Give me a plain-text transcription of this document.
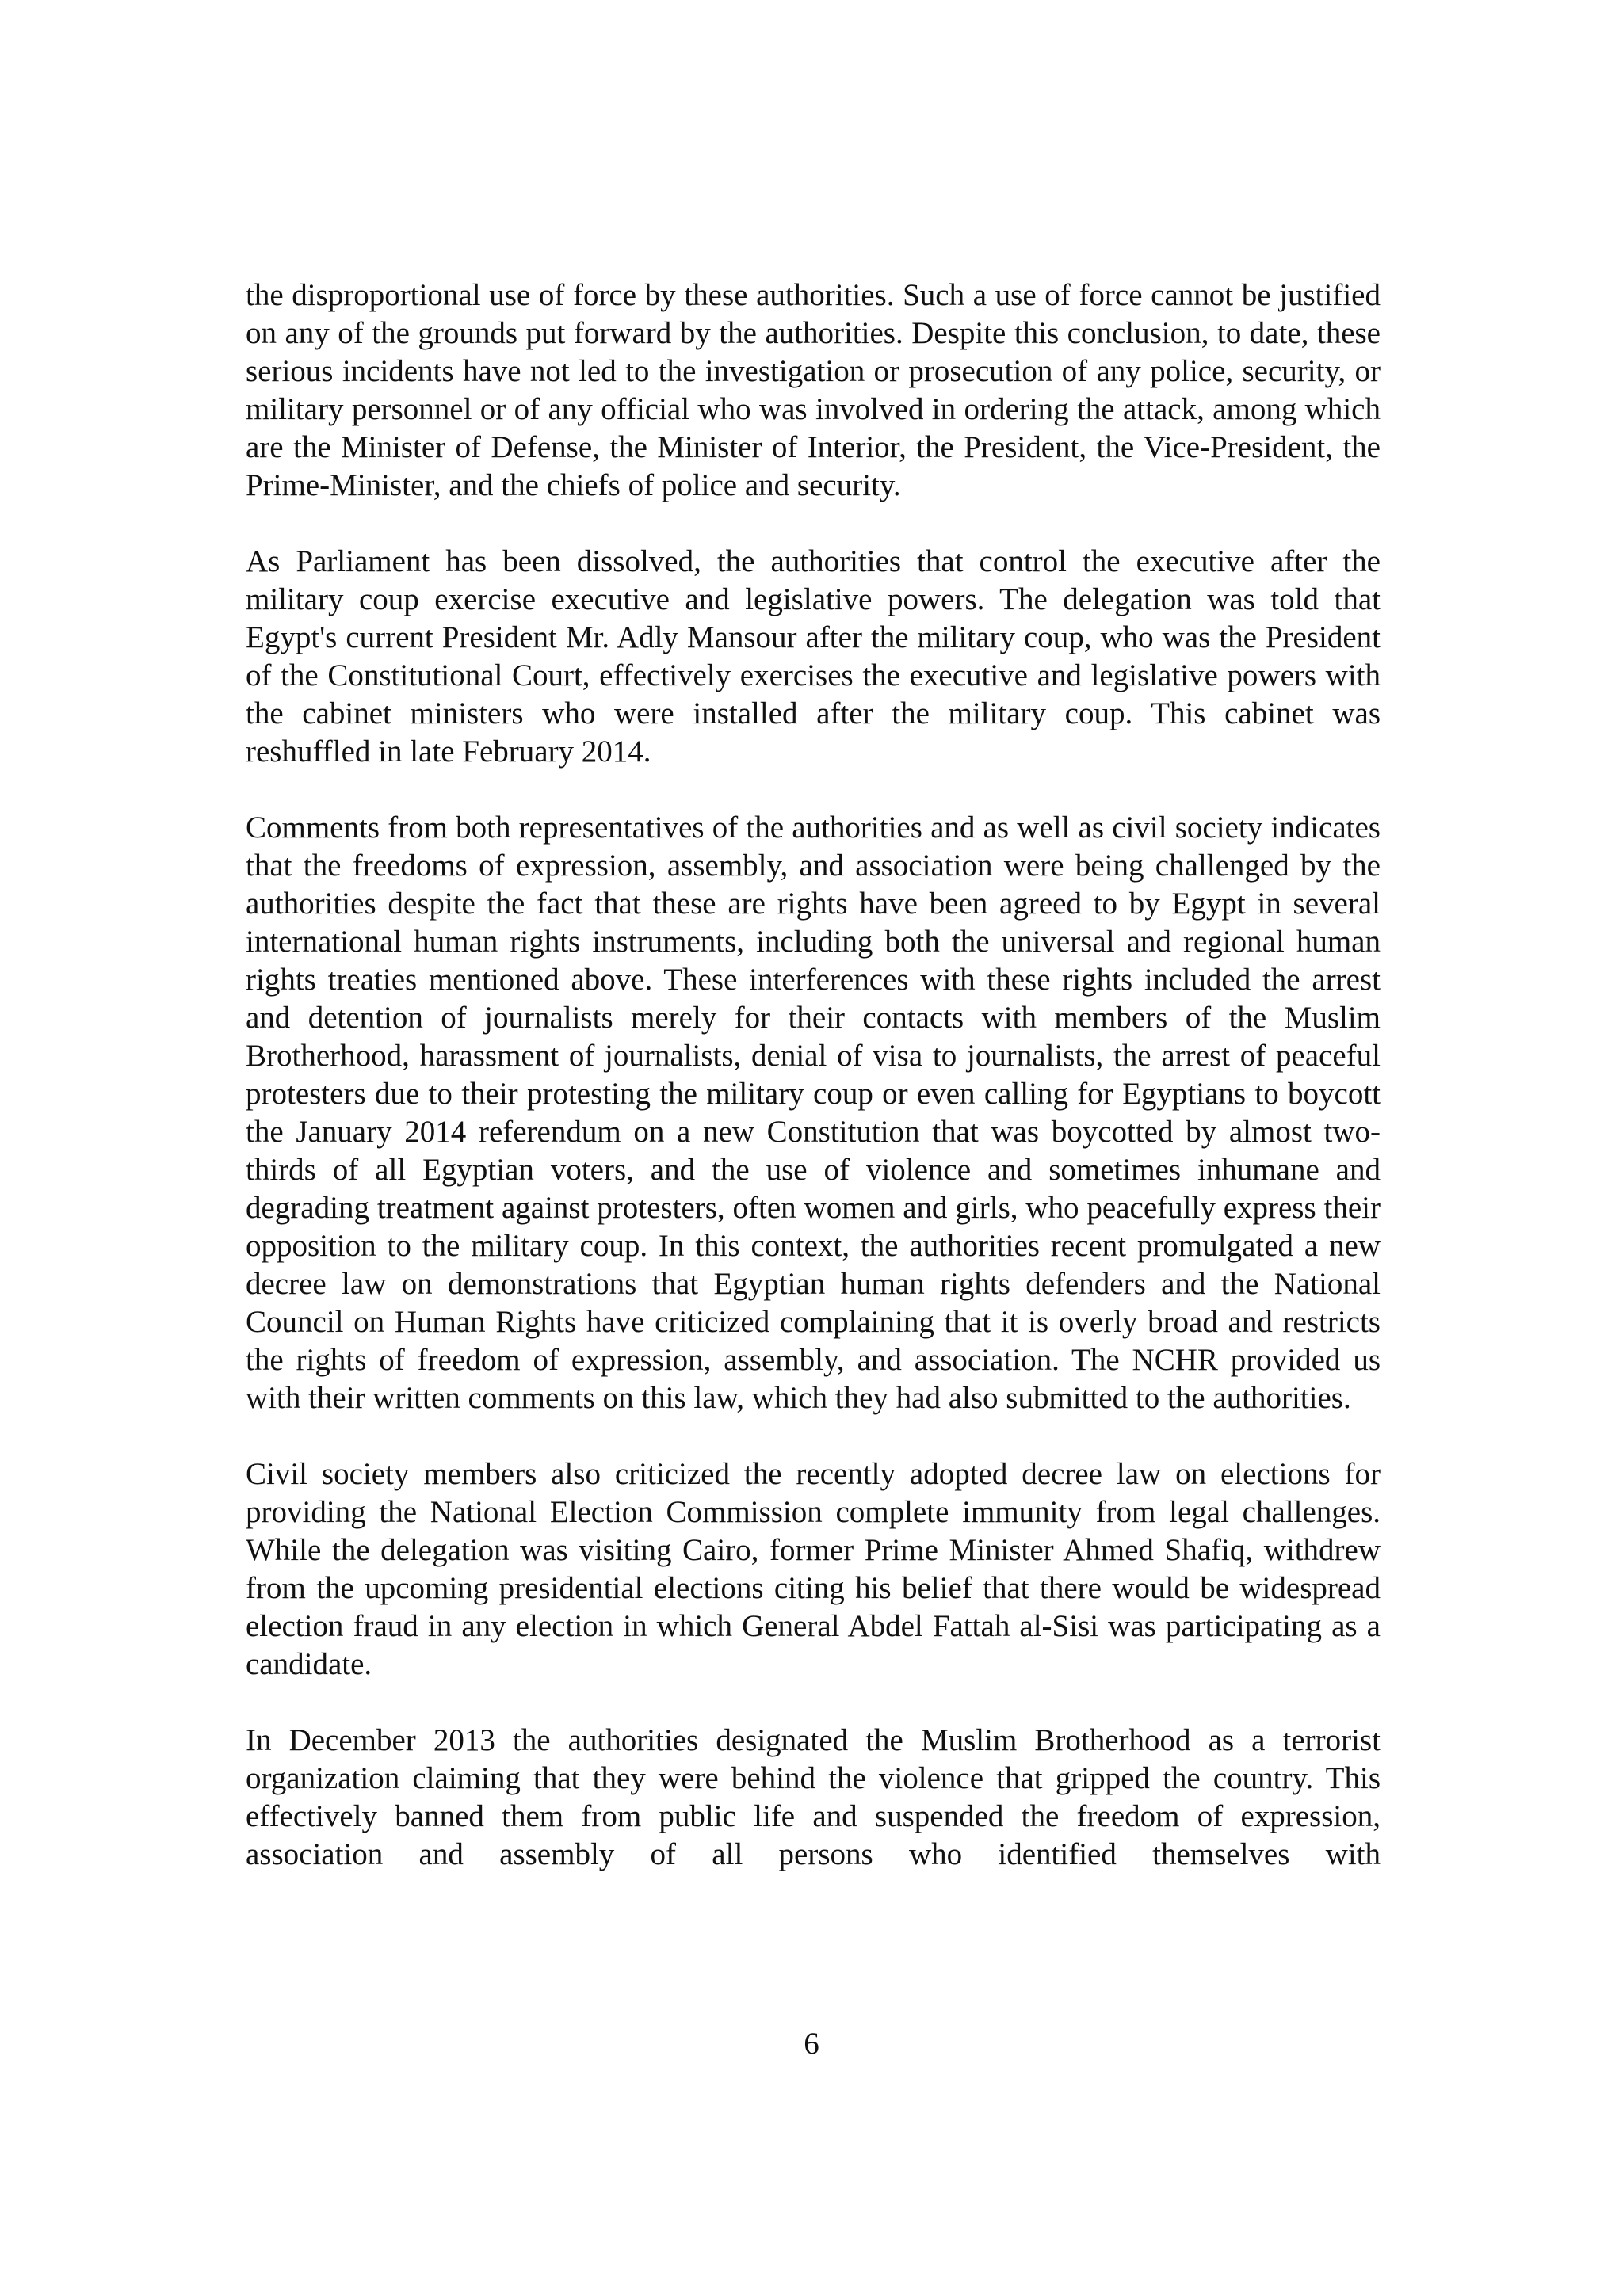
the disproportional use of force by these authorities. Such a use of force cannot be justified on any of the grounds put forward by the authorities. Despite this conclusion, to date, these serious incidents have not led to the investigation or prosecution of any police, security, or military personnel or of any official who was involved in ordering the attack, among which are the Minister of Defense, the Minister of Interior, the President, the Vice-President, the Prime-Minister, and the chiefs of police and security.

As Parliament has been dissolved, the authorities that control the executive after the military coup exercise executive and legislative powers. The delegation was told that Egypt's current President Mr. Adly Mansour after the military coup, who was the President of the Constitutional Court, effectively exercises the executive and legislative powers with the cabinet ministers who were installed after the military coup. This cabinet was reshuffled in late February 2014.

Comments from both representatives of the authorities and as well as civil society indicates that the freedoms of expression, assembly, and association were being challenged by the authorities despite the fact that these are rights have been agreed to by Egypt in several international human rights instruments, including both the universal and regional human rights treaties mentioned above. These interferences with these rights included the arrest and detention of journalists merely for their contacts with members of the Muslim Brotherhood, harassment of journalists, denial of visa to journalists, the arrest of peaceful protesters due to their protesting the military coup or even calling for Egyptians to boycott the January 2014 referendum on a new Constitution that was boycotted by almost two-thirds of all Egyptian voters, and the use of violence and sometimes inhumane and degrading treatment against protesters, often women and girls, who peacefully express their opposition to the military coup. In this context, the authorities recent promulgated a new decree law on demonstrations that Egyptian human rights defenders and the National Council on Human Rights have criticized complaining that it is overly broad and restricts the rights of freedom of expression, assembly, and association. The NCHR provided us with their written comments on this law, which they had also submitted to the authorities.

Civil society members also criticized the recently adopted decree law on elections for providing the National Election Commission complete immunity from legal challenges. While the delegation was visiting Cairo, former Prime Minister Ahmed Shafiq, withdrew from the upcoming presidential elections citing his belief that there would be widespread election fraud in any election in which General Abdel Fattah al-Sisi was participating as a candidate.

In December 2013 the authorities designated the Muslim Brotherhood as a terrorist organization claiming that they were behind the violence that gripped the country. This effectively banned them from public life and suspended the freedom of expression, association and assembly of all persons who identified themselves with

6
